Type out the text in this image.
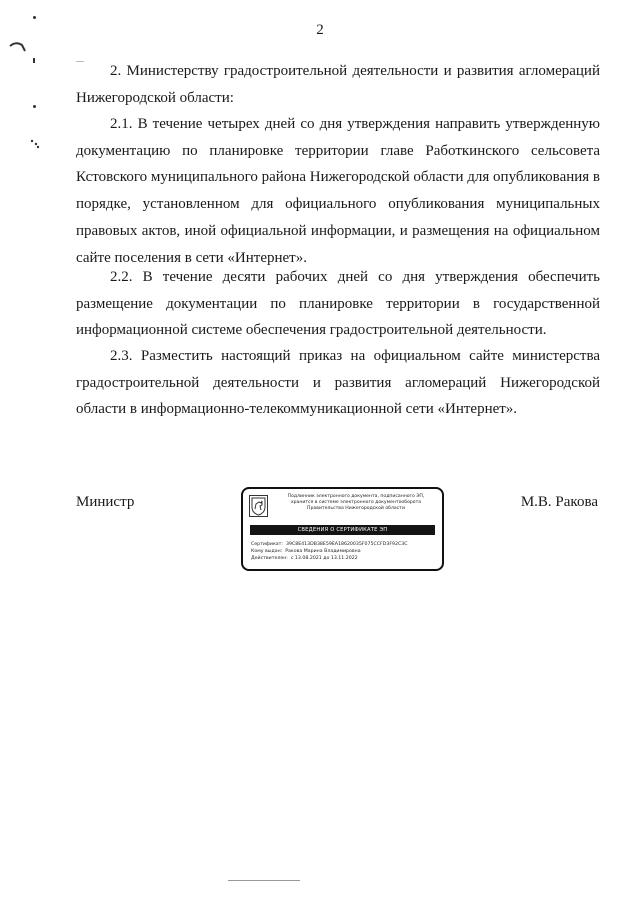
2

2. Министерству градостроительной деятельности и развития агломераций Нижегородской области:

2.1. В течение четырех дней со дня утверждения направить утвержденную документацию по планировке территории главе Работкинского сельсовета Кстовского муниципального района Нижегородской области для опубликования в порядке, установленном для официального опубликования муниципальных правовых актов, иной официальной информации, и размещения на официальном сайте поселения в сети «Интернет».

2.2. В течение десяти рабочих дней со дня утверждения обеспечить размещение документации по планировке территории в государственной информационной системе обеспечения градостроительной деятельности.

2.3. Разместить настоящий приказ на официальном сайте министерства градостроительной деятельности и развития агломераций Нижегородской области в информационно-телекоммуникационной сети «Интернет».

Министр	Подлинник электронного документа, подписанного ЭП,
хранится в системе электронного документооборота
Правительства Нижегородской области
СВЕДЕНИЯ О СЕРТИФИКАТЕ ЭП
Сертификат: 39C8E413DB38E59EA18620035F075CCFD3F92C3C
Кому выдан: Ракова Марина Владимировна
Действителен: с 13.08.2021 до 13.11.2022
М.В. Ракова
